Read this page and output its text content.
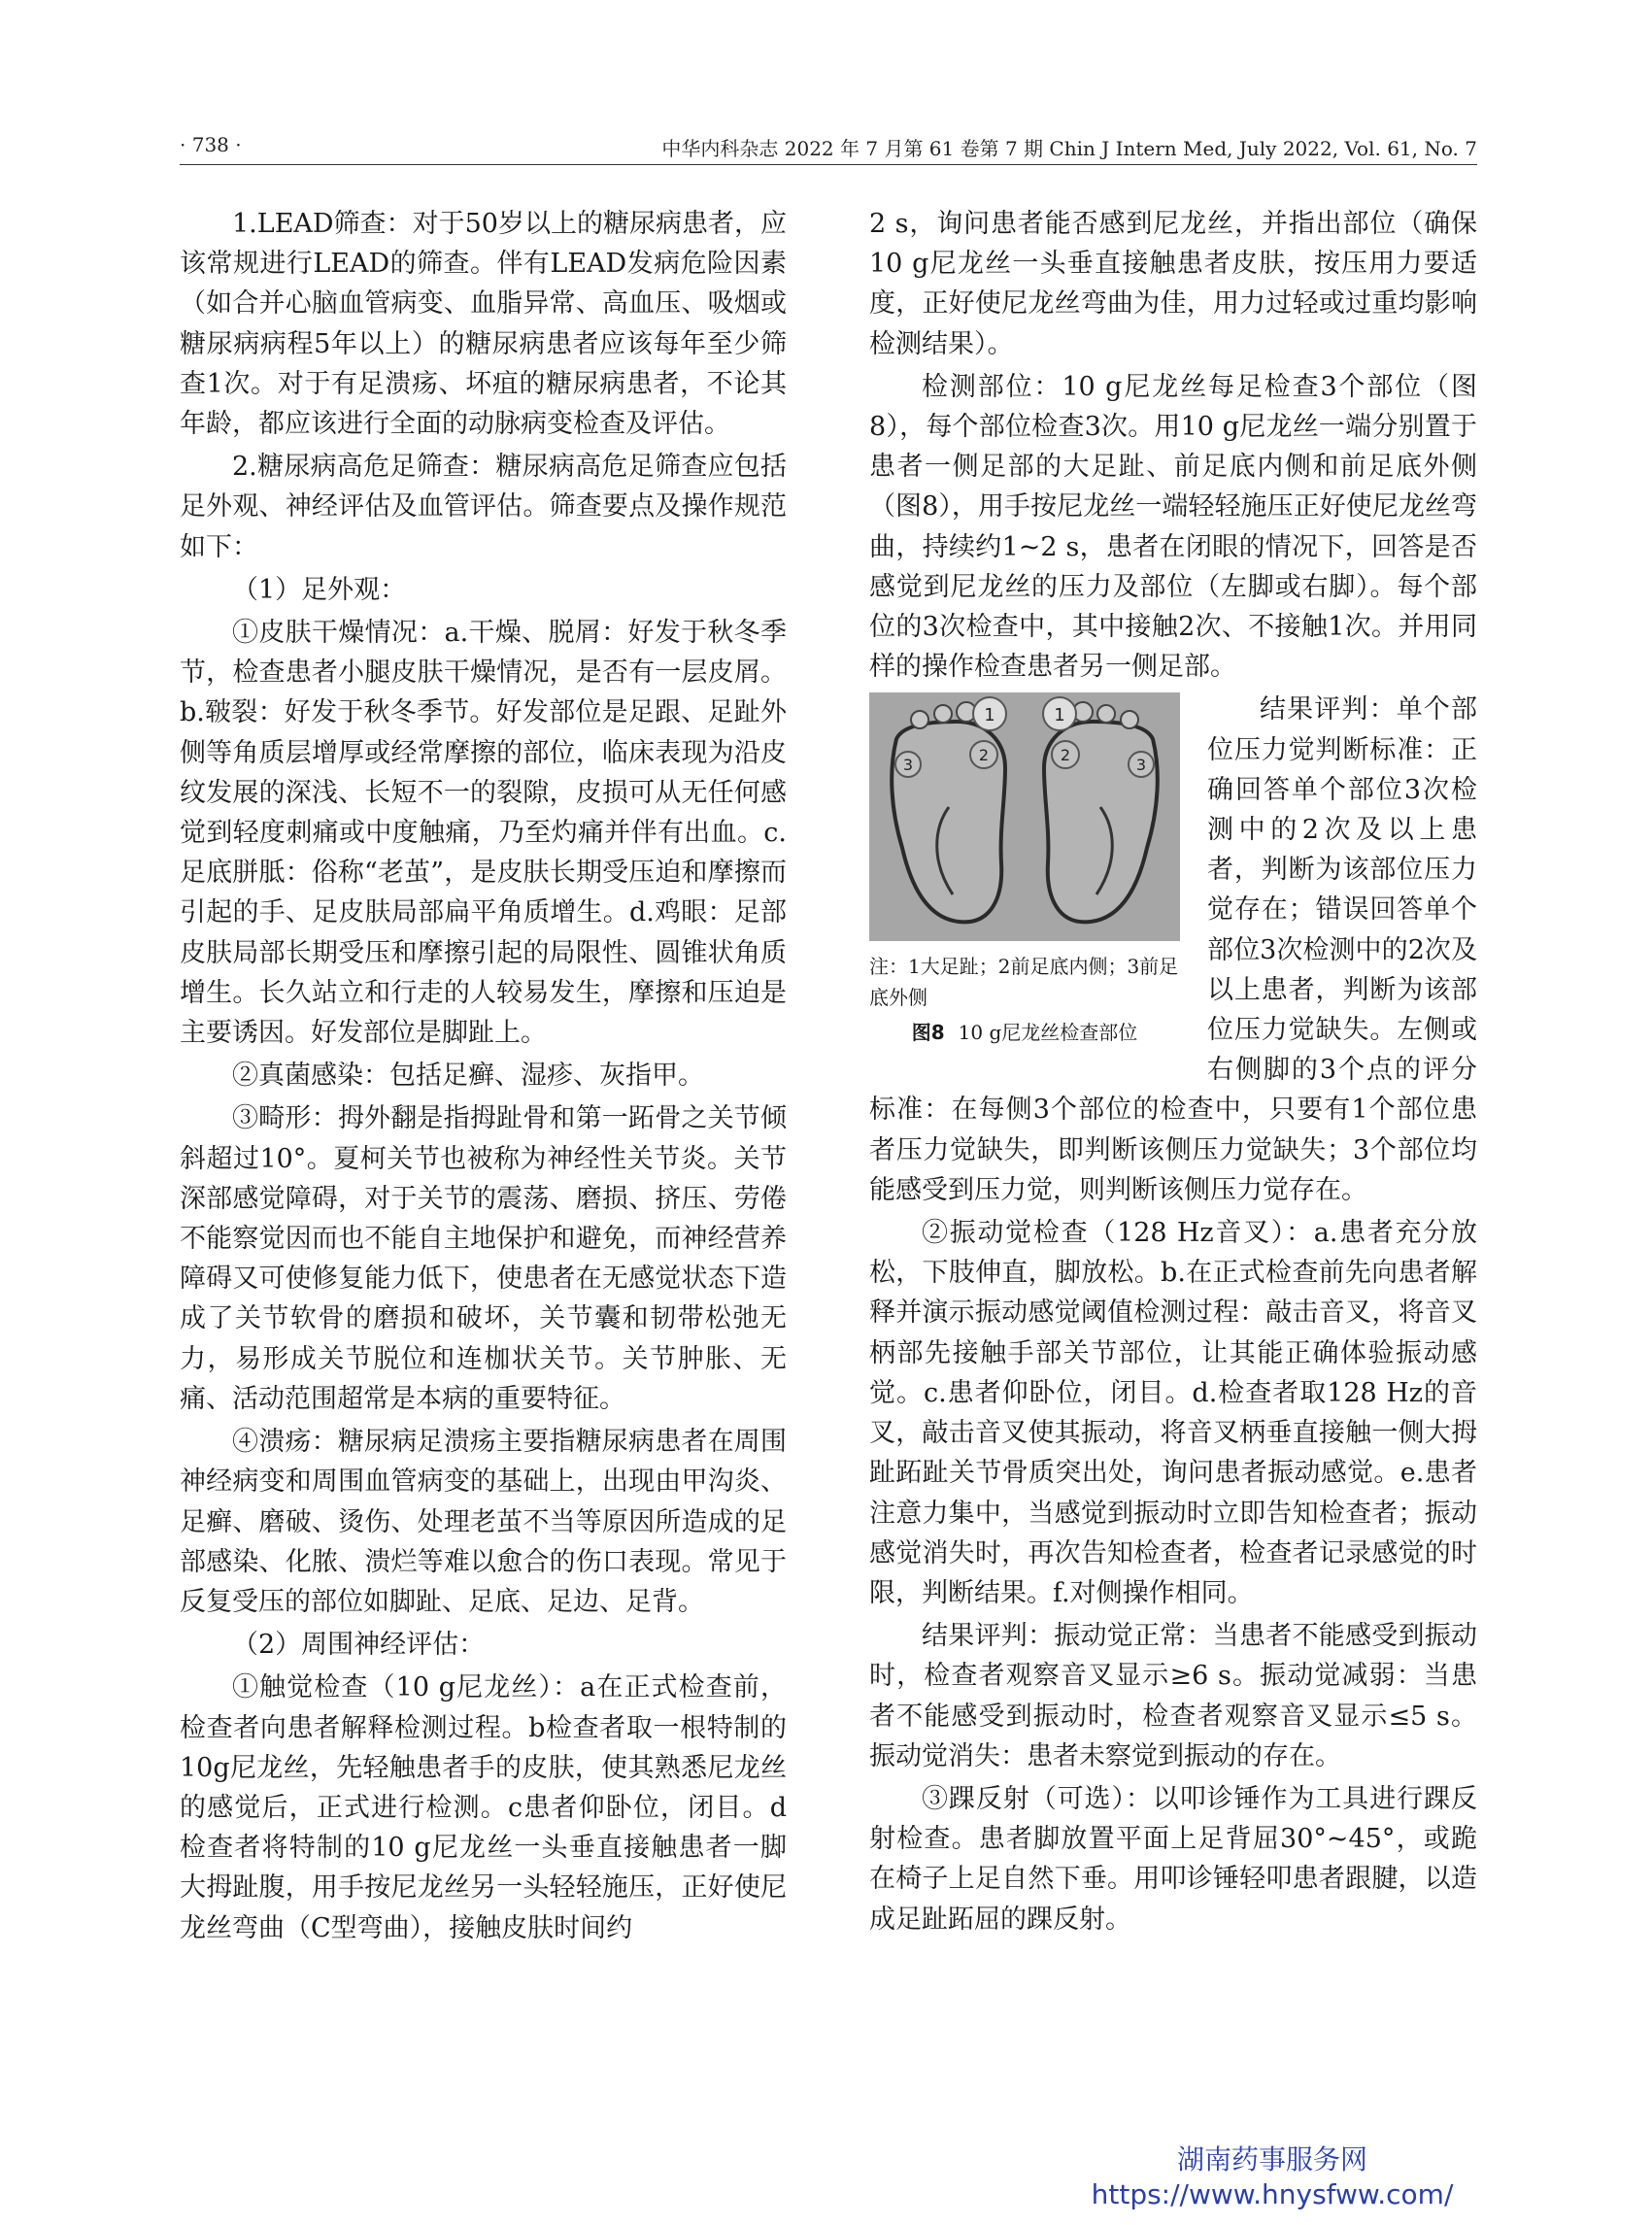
· 738 ·	中华内科杂志 2022 年 7 月第 61 卷第 7 期 Chin J Intern Med, July 2022, Vol. 61, No. 7

1.LEAD筛查：对于50岁以上的糖尿病患者，应该常规进行LEAD的筛查。伴有LEAD发病危险因素（如合并心脑血管病变、血脂异常、高血压、吸烟或糖尿病病程5年以上）的糖尿病患者应该每年至少筛查1次。对于有足溃疡、坏疽的糖尿病患者，不论其年龄，都应该进行全面的动脉病变检查及评估。

2.糖尿病高危足筛查：糖尿病高危足筛查应包括足外观、神经评估及血管评估。筛查要点及操作规范如下：

（1）足外观：

①皮肤干燥情况：a.干燥、脱屑：好发于秋冬季节，检查患者小腿皮肤干燥情况，是否有一层皮屑。b.皲裂：好发于秋冬季节。好发部位是足跟、足趾外侧等角质层增厚或经常摩擦的部位，临床表现为沿皮纹发展的深浅、长短不一的裂隙，皮损可从无任何感觉到轻度刺痛或中度触痛，乃至灼痛并伴有出血。c.足底胼胝：俗称“老茧”，是皮肤长期受压迫和摩擦而引起的手、足皮肤局部扁平角质增生。d.鸡眼：足部皮肤局部长期受压和摩擦引起的局限性、圆锥状角质增生。长久站立和行走的人较易发生，摩擦和压迫是主要诱因。好发部位是脚趾上。

②真菌感染：包括足癣、湿疹、灰指甲。

③畸形：拇外翻是指拇趾骨和第一跖骨之关节倾斜超过10°。夏柯关节也被称为神经性关节炎。关节深部感觉障碍，对于关节的震荡、磨损、挤压、劳倦不能察觉因而也不能自主地保护和避免，而神经营养障碍又可使修复能力低下，使患者在无感觉状态下造成了关节软骨的磨损和破坏，关节囊和韧带松弛无力，易形成关节脱位和连枷状关节。关节肿胀、无痛、活动范围超常是本病的重要特征。

④溃疡：糖尿病足溃疡主要指糖尿病患者在周围神经病变和周围血管病变的基础上，出现由甲沟炎、足癣、磨破、烫伤、处理老茧不当等原因所造成的足部感染、化脓、溃烂等难以愈合的伤口表现。常见于反复受压的部位如脚趾、足底、足边、足背。

（2）周围神经评估：

①触觉检查（10 g尼龙丝）：a在正式检查前，检查者向患者解释检测过程。b检查者取一根特制的10g尼龙丝，先轻触患者手的皮肤，使其熟悉尼龙丝的感觉后，正式进行检测。c患者仰卧位，闭目。d检查者将特制的10 g尼龙丝一头垂直接触患者一脚大拇趾腹，用手按尼龙丝另一头轻轻施压，正好使尼龙丝弯曲（C型弯曲），接触皮肤时间约

2 s，询问患者能否感到尼龙丝，并指出部位（确保10 g尼龙丝一头垂直接触患者皮肤，按压用力要适度，正好使尼龙丝弯曲为佳，用力过轻或过重均影响检测结果）。

检测部位：10 g尼龙丝每足检查3个部位（图8），每个部位检查3次。用10 g尼龙丝一端分别置于患者一侧足部的大足趾、前足底内侧和前足底外侧（图8），用手按尼龙丝一端轻轻施压正好使尼龙丝弯曲，持续约1~2 s，患者在闭眼的情况下，回答是否感觉到尼龙丝的压力及部位（左脚或右脚）。每个部位的3次检查中，其中接触2次、不接触1次。并用同样的操作检查患者另一侧足部。

1
2
3
1
2
3
注：1大足趾；2前足底内侧；3前足底外侧
图8 10 g尼龙丝检查部位

结果评判：单个部位压力觉判断标准：正确回答单个部位3次检测中的2次及以上患者，判断为该部位压力觉存在；错误回答单个部位3次检测中的2次及以上患者，判断为该部位压力觉缺失。左侧或右侧脚的3个点的评分标准：在每侧3个部位的检查中，只要有1个部位患者压力觉缺失，即判断该侧压力觉缺失；3个部位均能感受到压力觉，则判断该侧压力觉存在。

②振动觉检查（128 Hz音叉）：a.患者充分放松，下肢伸直，脚放松。b.在正式检查前先向患者解释并演示振动感觉阈值检测过程：敲击音叉，将音叉柄部先接触手部关节部位，让其能正确体验振动感觉。c.患者仰卧位，闭目。d.检查者取128 Hz的音叉，敲击音叉使其振动，将音叉柄垂直接触一侧大拇趾跖趾关节骨质突出处，询问患者振动感觉。e.患者注意力集中，当感觉到振动时立即告知检查者；振动感觉消失时，再次告知检查者，检查者记录感觉的时限，判断结果。f.对侧操作相同。

结果评判：振动觉正常：当患者不能感受到振动时，检查者观察音叉显示≥6 s。振动觉减弱：当患者不能感受到振动时，检查者观察音叉显示≤5 s。振动觉消失：患者未察觉到振动的存在。

③踝反射（可选）：以叩诊锤作为工具进行踝反射检查。患者脚放置平面上足背屈30°~45°，或跪在椅子上足自然下垂。用叩诊锤轻叩患者跟腱，以造成足趾跖屈的踝反射。

湖南药事服务网
https://www.hnysfww.com/
